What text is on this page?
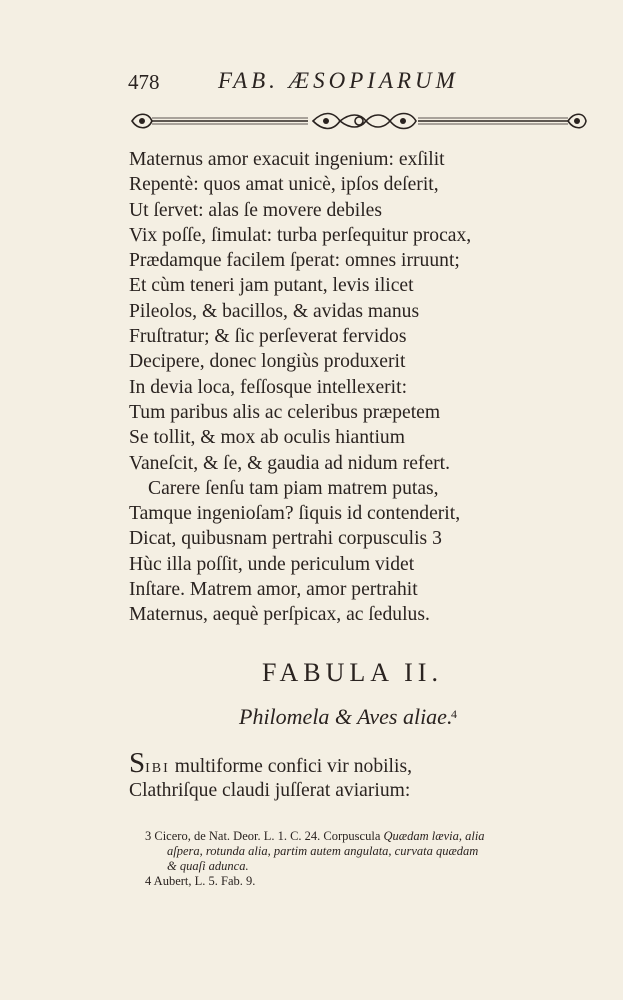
478	FAB. ÆSOPIARUM
Maternus amor exacuit ingenium: exſilit
Repentè: quos amat unicè, ipſos deſerit,
Ut ſervet: alas ſe movere debiles
Vix poſſe, ſimulat: turba perſequitur procax,
Prædamque facilem ſperat: omnes irruunt;
Et cùm teneri jam putant, levis ilicet
Pileolos, & bacillos, & avidas manus
Fruſtratur; & ſic perſeverat fervidos
Decipere, donec longiùs produxerit
In devia loca, feſſosque intellexerit:
Tum paribus alis ac celeribus præpetem
Se tollit, & mox ab oculis hiantium
Vaneſcit, & ſe, & gaudia ad nidum refert.
Carere ſenſu tam piam matrem putas,
Tamque ingenioſam? ſiquis id contenderit,
Dicat, quibusnam pertrahi corpusculis 3
Hùc illa poſſit, unde periculum videt
Inſtare. Matrem amor, amor pertrahit
Maternus, aequè perſpicax, ac ſedulus.
FABULA II.
Philomela & Aves aliae.
4
SIBI multiforme confici vir nobilis,
Clathriſque claudi juſſerat aviarium:
3 Cicero, de Nat. Deor. L. 1. C. 24. Corpuscula Quædam lævia, alia
aſpera, rotunda alia, partim autem angulata, curvata quædam
& quaſi adunca.
4 Aubert, L. 5. Fab. 9.
